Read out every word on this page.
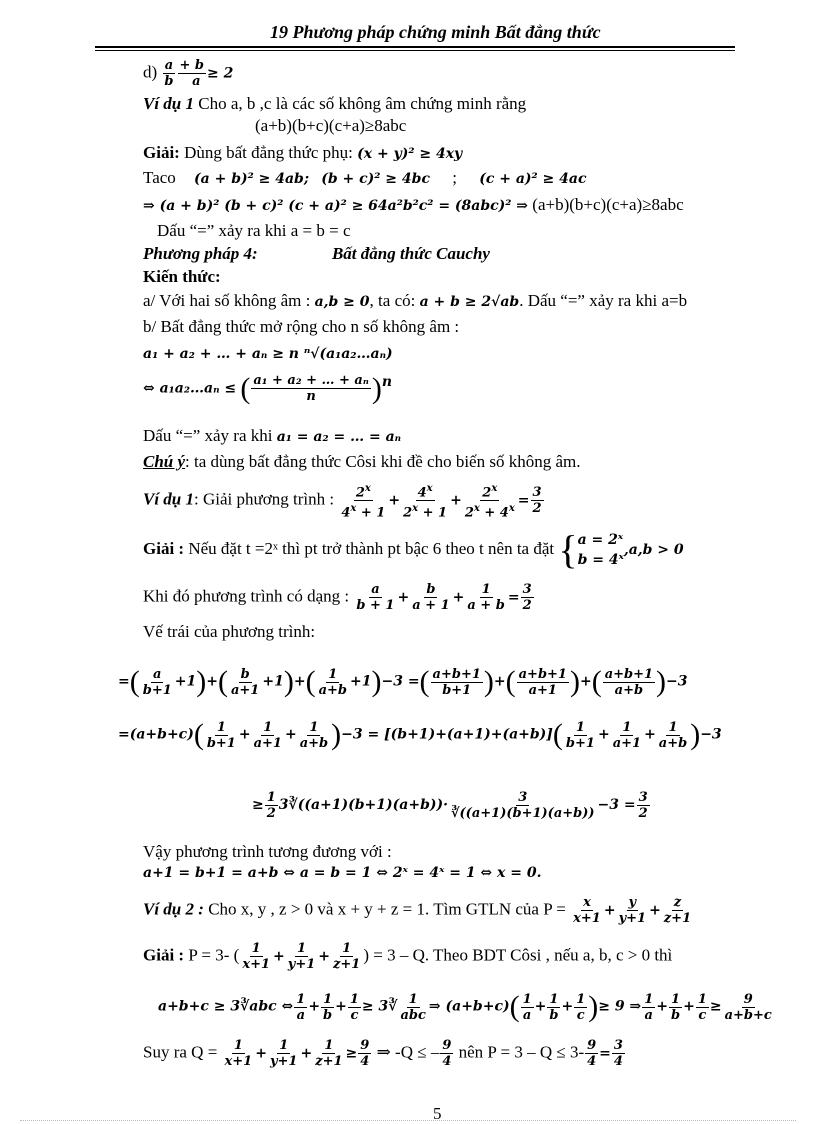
19 Phương pháp chứng minh Bất đẳng thức
$d) \frac{a}{b} \frac{+ b}{a} \ge 2$
Ví dụ 1 Cho a, b ,c là các số không âm chứng minh rằng
(a+b)(b+c)(c+a)≥8abc
Giải: Dùng bất đẳng thức phụ: (x + y)² ≥ 4xy
Taco (a + b)² ≥ 4ab; (b + c)² ≥ 4bc ; (c + a)² ≥ 4ac
⇒ (a + b)² (b + c)² (c + a)² ≥ 64a²b²c² = (8abc)² ⇒ (a+b)(b+c)(c+a)≥8abc
Dấu “=” xảy ra khi a = b = c
Phương pháp 4:	Bất đẳng thức Cauchy
Kiến thức:
a/ Với hai số không âm : a,b ≥ 0, ta có: a + b ≥ 2√ab. Dấu “=” xảy ra khi a=b
b/ Bất đẳng thức mở rộng cho n số không âm :
a₁ + a₂ + … + aₙ ≥ n ⁿ√(a₁a₂…aₙ)
⇔ a₁a₂…aₙ ≤ ( $\frac{\text{a₁ + a₂ + … + aₙ}}{n} )^n$
Dấu “=” xảy ra khi a₁ = a₂ = … = aₙ
Chú ý: ta dùng bất đẳng thức Côsi khi đề cho biến số không âm.
Ví dụ 1: Giải phương trình : $\frac{2^x}{4^x + 1} + \frac{4^x}{2^x + 1} + \frac{2^x}{2^x + 4^x} = \frac{3}{2}$
Giải : Nếu đặt t =2ˣ thì pt trở thành pt bậc 6 theo t nên ta đặt { a = 2ˣ
b = 4ˣ
,a,b > 0
Khi đó phương trình có dạng : $\frac{a}{b + 1} + \frac{b}{a + 1} + \frac{1}{a + b} = \frac{3}{2}$
Vế trái của phương trình:
=( $\frac{a}{b+1} +1)+( \frac{b}{a+1} +1)+( \frac{1}{a+b} +1)-3$ =( $\frac{a+b+1}{b+1}$ )+( $\frac{a+b+1}{a+1}$ )+( $\frac{a+b+1}{a+b} )-3$
$=(a+b+c)( \frac{1}{b+1} + \frac{1}{a+1} + \frac{1}{a+b} )-3 = [(b+1)+(a+1)+(a+b)]( \frac{1}{b+1} + \frac{1}{a+1} + \frac{1}{a+b} )-3$
≥ $\frac{1}{2}$ 3∛((a+1)(b+1)(a+b))· $\frac{3}{∛((a+1)(b+1)(a+b))} -3 = \frac{3}{2}$
Vậy phương trình tương đương với :
a+1 = b+1 = a+b ⇔ a = b = 1 ⇔ 2ˣ = 4ˣ = 1 ⇔ x = 0.
Ví dụ 2 : Cho x, y , z > 0 và x + y + z = 1. Tìm GTLN của $P = \frac{x}{x+1} + \frac{y}{y+1} + \frac{z}{z+1}$
Giải : P = 3- ( $\frac{1}{x+1} + \frac{1}{y+1} + \frac{1}{z+1}$ ) = 3 – Q. Theo BDT Côsi , nếu a, b, c > 0 thì
a+b+c ≥ 3∛abc ⇔ $\frac{1}{a} + \frac{1}{b} + \frac{1}{c}$ ≥ 3∛ $\frac{1}{\text{abc}}$ ⇒ $(a+b+c)( \frac{1}{a} + \frac{1}{b} + \frac{1}{c}$ )≥ 9 ⇒ $\frac{1}{a} + \frac{1}{b} + \frac{1}{c} \ge \frac{9}{a+b+c}$
Suy ra $Q = \frac{1}{x+1} + \frac{1}{y+1} + \frac{1}{z+1} \ge \frac{9}{4}$ ⇒ -Q ≤ – $\frac{9}{4}$ nên $P = 3 - Q \le 3- \frac{9}{4} = \frac{3}{4}$
5
